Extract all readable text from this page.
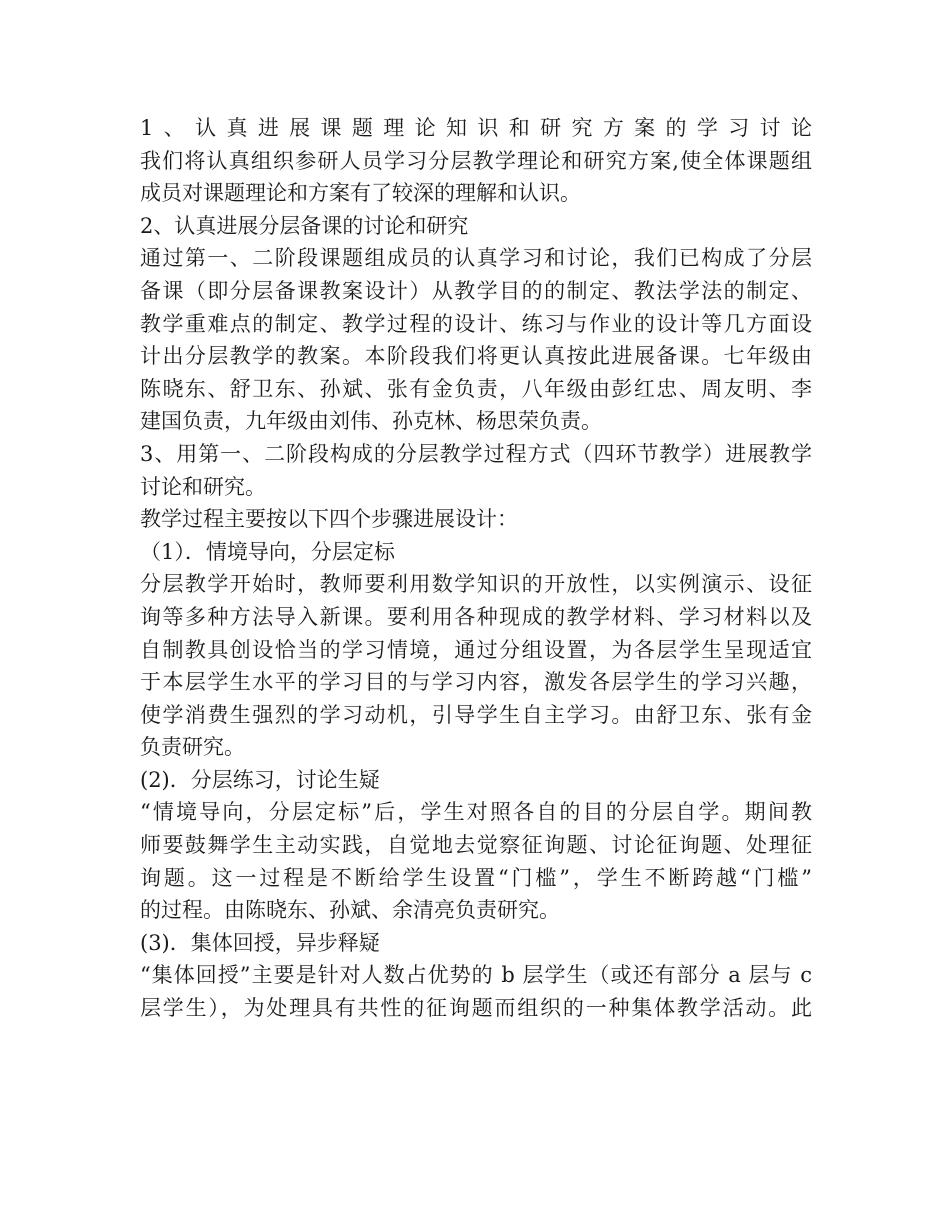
1、认真进展课题理论知识和研究方案的学习讨论
我们将认真组织参研人员学习分层教学理论和研究方案,使全体课题组
成员对课题理论和方案有了较深的理解和认识。
2、认真进展分层备课的讨论和研究
通过第一、二阶段课题组成员的认真学习和讨论，我们已构成了分层
备课（即分层备课教案设计）从教学目的的制定、教法学法的制定、
教学重难点的制定、教学过程的设计、练习与作业的设计等几方面设
计出分层教学的教案。本阶段我们将更认真按此进展备课。七年级由
陈晓东、舒卫东、孙斌、张有金负责，八年级由彭红忠、周友明、李
建国负责，九年级由刘伟、孙克林、杨思荣负责。
3、用第一、二阶段构成的分层教学过程方式（四环节教学）进展教学
讨论和研究。
教学过程主要按以下四个步骤进展设计：
（1）．情境导向，分层定标
分层教学开始时，教师要利用数学知识的开放性，以实例演示、设征
询等多种方法导入新课。要利用各种现成的教学材料、学习材料以及
自制教具创设恰当的学习情境，通过分组设置，为各层学生呈现适宜
于本层学生水平的学习目的与学习内容，激发各层学生的学习兴趣，
使学消费生强烈的学习动机，引导学生自主学习。由舒卫东、张有金
负责研究。
(2)．分层练习，讨论生疑
“情境导向，分层定标”后，学生对照各自的目的分层自学。期间教
师要鼓舞学生主动实践，自觉地去觉察征询题、讨论征询题、处理征
询题。这一过程是不断给学生设置“门槛”，学生不断跨越“门槛”
的过程。由陈晓东、孙斌、余清亮负责研究。
(3)．集体回授，异步释疑
“集体回授”主要是针对人数占优势的 b 层学生（或还有部分 a 层与 c
层学生），为处理具有共性的征询题而组织的一种集体教学活动。此
